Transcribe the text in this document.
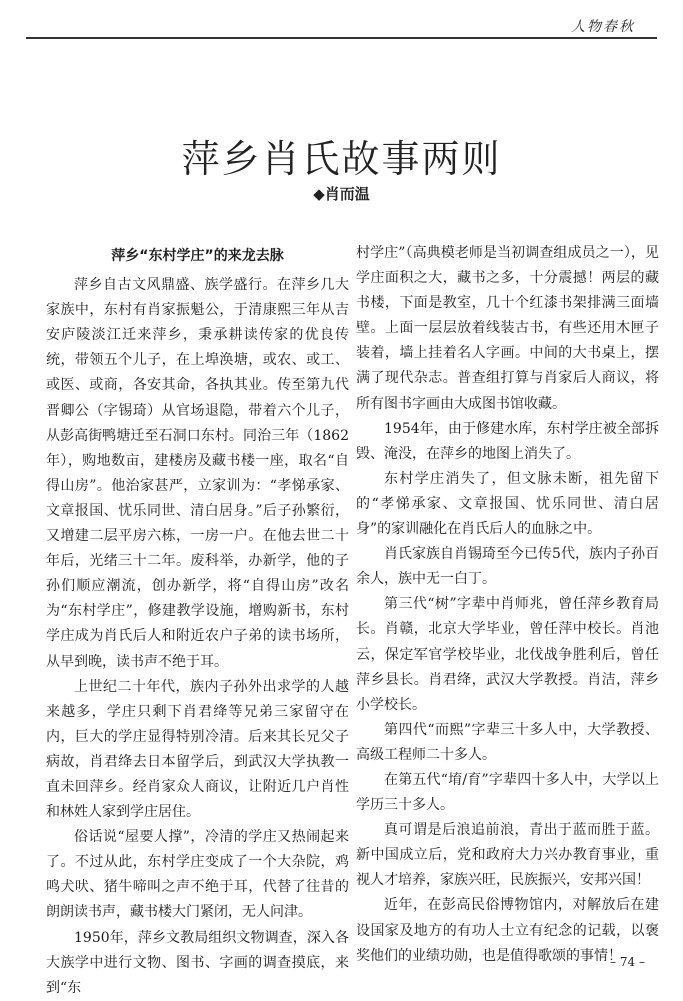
人物春秋
萍乡肖氏故事两则
◆肖而温
萍乡“东村学庄”的来龙去脉

萍乡自古文风鼎盛、族学盛行。在萍乡几大家族中，东村有肖家振魁公，于清康熙三年从吉安庐陵淡江迁来萍乡，秉承耕读传家的优良传统，带领五个儿子，在上埠涣塘，或农、或工、或医、或商，各安其命，各执其业。传至第九代晋卿公（字锡琦）从官场退隐，带着六个儿子，从彭高街鸭塘迁至石洞口东村。同治三年（1862年），购地数亩，建楼房及藏书楼一座，取名“自得山房”。他治家甚严，立家训为：“孝悌承家、文章报国、忧乐同世、清白居身。”后子孙繁衍，又增建二层平房六栋，一房一户。在他去世二十年后，光绪三十二年。废科举，办新学，他的子孙们顺应潮流，创办新学，将“自得山房”改名为“东村学庄”，修建教学设施，增购新书，东村学庄成为肖氏后人和附近农户子弟的读书场所，从早到晚，读书声不绝于耳。

上世纪二十年代，族内子孙外出求学的人越来越多，学庄只剩下肖君绛等兄弟三家留守在内，巨大的学庄显得特别冷清。后来其长兄父子病故，肖君绛去日本留学后，到武汉大学执教一直未回萍乡。经肖家众人商议，让附近几户肖性和林姓人家到学庄居住。

俗话说“屋要人撑”，冷清的学庄又热闹起来了。不过从此，东村学庄变成了一个大杂院，鸡鸣犬吠、猪牛啼叫之声不绝于耳，代替了往昔的朗朗读书声，藏书楼大门紧闭，无人问津。

1950年，萍乡文教局组织文物调查，深入各大族学中进行文物、图书、字画的调查摸底，来到“东

村学庄”（高典模老师是当初调查组成员之一），见学庄面积之大，藏书之多，十分震撼！两层的藏书楼，下面是教室，几十个红漆书架排满三面墙壁。上面一层层放着线装古书，有些还用木匣子装着，墙上挂着名人字画。中间的大书桌上，摆满了现代杂志。普查组打算与肖家后人商议，将所有图书字画由大成图书馆收藏。

1954年，由于修建水库，东村学庄被全部拆毁、淹没，在萍乡的地图上消失了。

东村学庄消失了，但文脉未断，祖先留下的“孝悌承家、文章报国、忧乐同世、清白居身”的家训融化在肖氏后人的血脉之中。

肖氏家族自肖锡琦至今已传5代，族内子孙百余人，族中无一白丁。

第三代“树”字辈中肖师兆，曾任萍乡教育局长。肖赣，北京大学毕业，曾任萍中校长。肖池云，保定军官学校毕业，北伐战争胜利后，曾任萍乡县长。肖君绛，武汉大学教授。肖洁，萍乡小学校长。

第四代“而熙”字辈三十多人中，大学教授、高级工程师二十多人。

在第五代“堉/育”字辈四十多人中，大学以上学历三十多人。

真可谓是后浪追前浪，青出于蓝而胜于蓝。新中国成立后，党和政府大力兴办教育事业，重视人才培养，家族兴旺，民族振兴，安邦兴国！

近年，在彭高民俗博物馆内，对解放后在建设国家及地方的有功人士立有纪念的记载，以褒奖他们的业绩功勋，也是值得歌颂的事情！

– 74 –
